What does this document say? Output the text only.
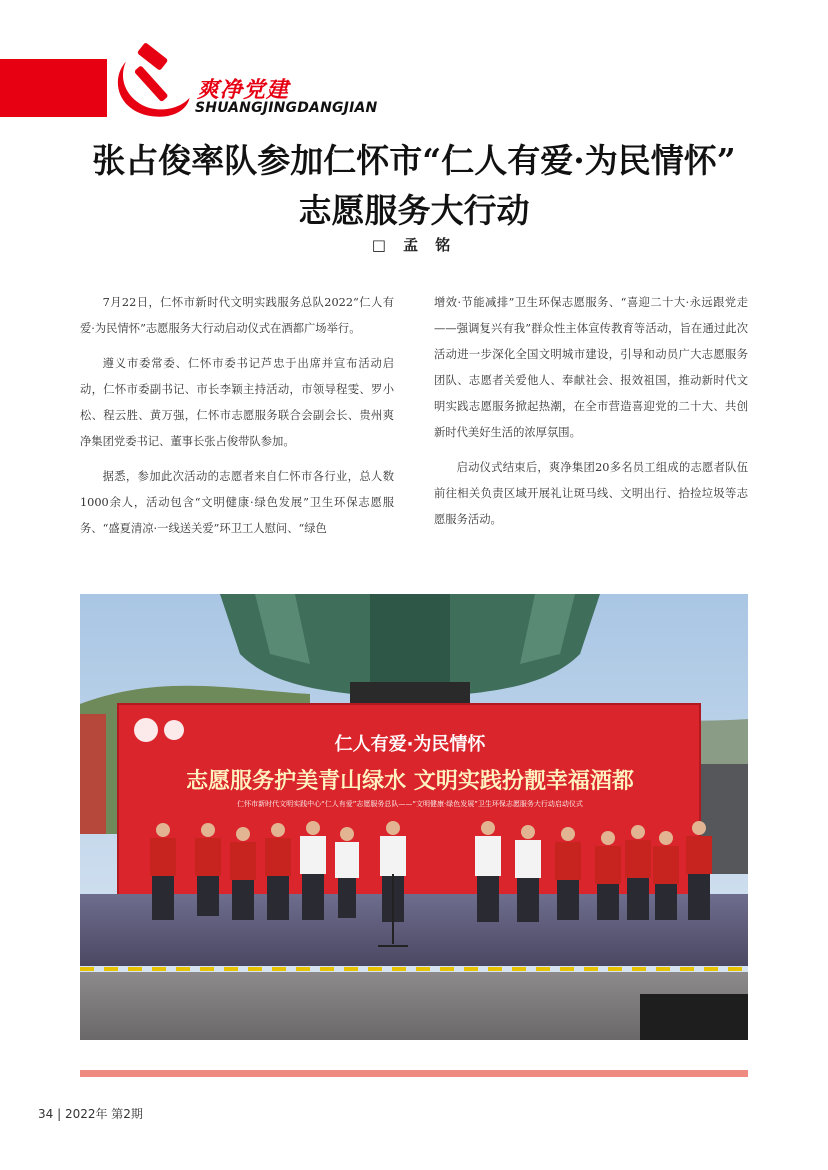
爽净党建
SHUANGJINGDANGJIAN
张占俊率队参加仁怀市“仁人有爱·为民情怀”
志愿服务大行动
□ 孟 铭

7月22日，仁怀市新时代文明实践服务总队2022“仁人有爱·为民情怀”志愿服务大行动启动仪式在酒都广场举行。

遵义市委常委、仁怀市委书记芦忠于出席并宣布活动启动，仁怀市委副书记、市长李颖主持活动，市领导程雯、罗小松、程云胜、黄万强，仁怀市志愿服务联合会副会长、贵州爽净集团党委书记、董事长张占俊带队参加。

据悉，参加此次活动的志愿者来自仁怀市各行业，总人数1000余人，活动包含“文明健康·绿色发展”卫生环保志愿服务、“盛夏清凉·一线送关爱”环卫工人慰问、“绿色

增效·节能减排”卫生环保志愿服务、“喜迎二十大·永远跟党走——强调复兴有我”群众性主体宣传教育等活动，旨在通过此次活动进一步深化全国文明城市建设，引导和动员广大志愿服务团队、志愿者关爱他人、奉献社会、报效祖国，推动新时代文明实践志愿服务掀起热潮，在全市营造喜迎党的二十大、共创新时代美好生活的浓厚氛围。

启动仪式结束后，爽净集团20多名员工组成的志愿者队伍前往相关负责区域开展礼让斑马线、文明出行、拾捡垃圾等志愿服务活动。

仁人有爱·为民情怀
志愿服务护美青山绿水 文明实践扮靓幸福酒都
仁怀市新时代文明实践中心“仁人有爱”志愿服务总队——“文明健康·绿色发展”卫生环保志愿服务大行动启动仪式
34 | 2022年 第2期
